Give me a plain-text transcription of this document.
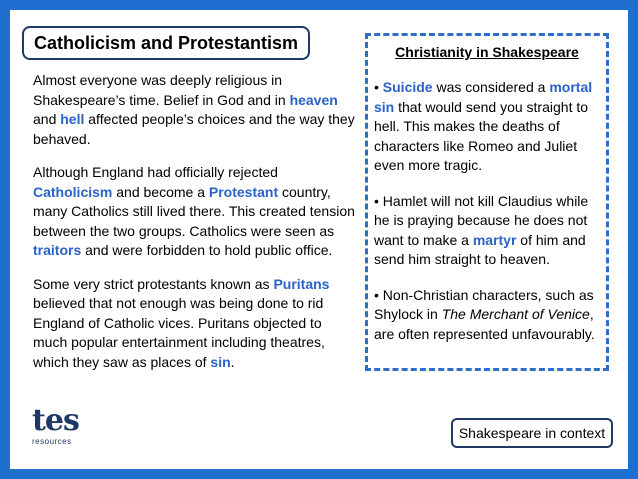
Catholicism and Protestantism

Almost everyone was deeply religious in Shakespeare’s time. Belief in God and in heaven and hell affected people’s choices and the way they behaved.

Although England had officially rejected Catholicism and become a Protestant country, many Catholics still lived there. This created tension between the two groups. Catholics were seen as traitors and were forbidden to hold public office.

Some very strict protestants known as Puritans believed that not enough was being done to rid England of Catholic vices. Puritans objected to much popular entertainment including theatres, which they saw as places of sin.

Christianity in Shakespeare

• Suicide was considered a mortal sin that would send you straight to hell. This makes the deaths of characters like Romeo and Juliet even more tragic.

• Hamlet will not kill Claudius while he is praying because he does not want to make a martyr of him and send him straight to heaven.

• Non-Christian characters, such as Shylock in The Merchant of Venice, are often represented unfavourably.

tes
resources
Shakespeare in context
